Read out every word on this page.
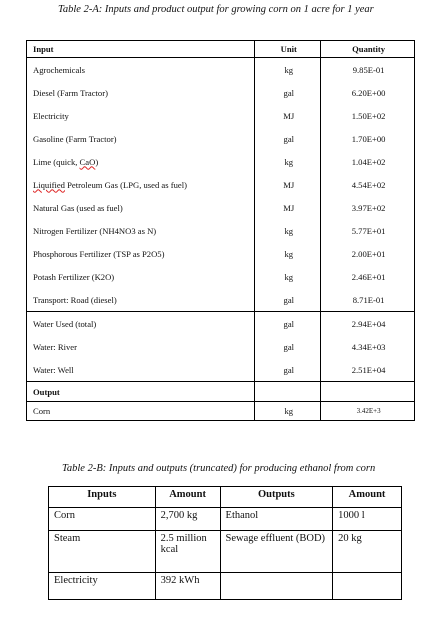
Table 2-A: Inputs and product output for growing corn on 1 acre for 1 year
Input	Unit	Quantity
Agrochemicals	kg	9.85E-01
Diesel (Farm Tractor)	gal	6.20E+00
Electricity	MJ	1.50E+02
Gasoline (Farm Tractor)	gal	1.70E+00
Lime (quick, CaO)	kg	1.04E+02
Liquified Petroleum Gas (LPG, used as fuel)	MJ	4.54E+02
Natural Gas (used as fuel)	MJ	3.97E+02
Nitrogen Fertilizer (NH4NO3 as N)	kg	5.77E+01
Phosphorous Fertilizer (TSP as P2O5)	kg	2.00E+01
Potash Fertilizer (K2O)	kg	2.46E+01
Transport: Road (diesel)	gal	8.71E-01
Water Used (total)	gal	2.94E+04
Water: River	gal	4.34E+03
Water: Well	gal	2.51E+04
Output		
Corn	kg	3.42E+3
Table 2-B: Inputs and outputs (truncated) for producing ethanol from corn
Inputs	Amount	Outputs	Amount
Corn	2,700 kg	Ethanol	1000 l
Steam	2.5 million kcal	Sewage effluent (BOD)	20 kg
Electricity	392 kWh		
